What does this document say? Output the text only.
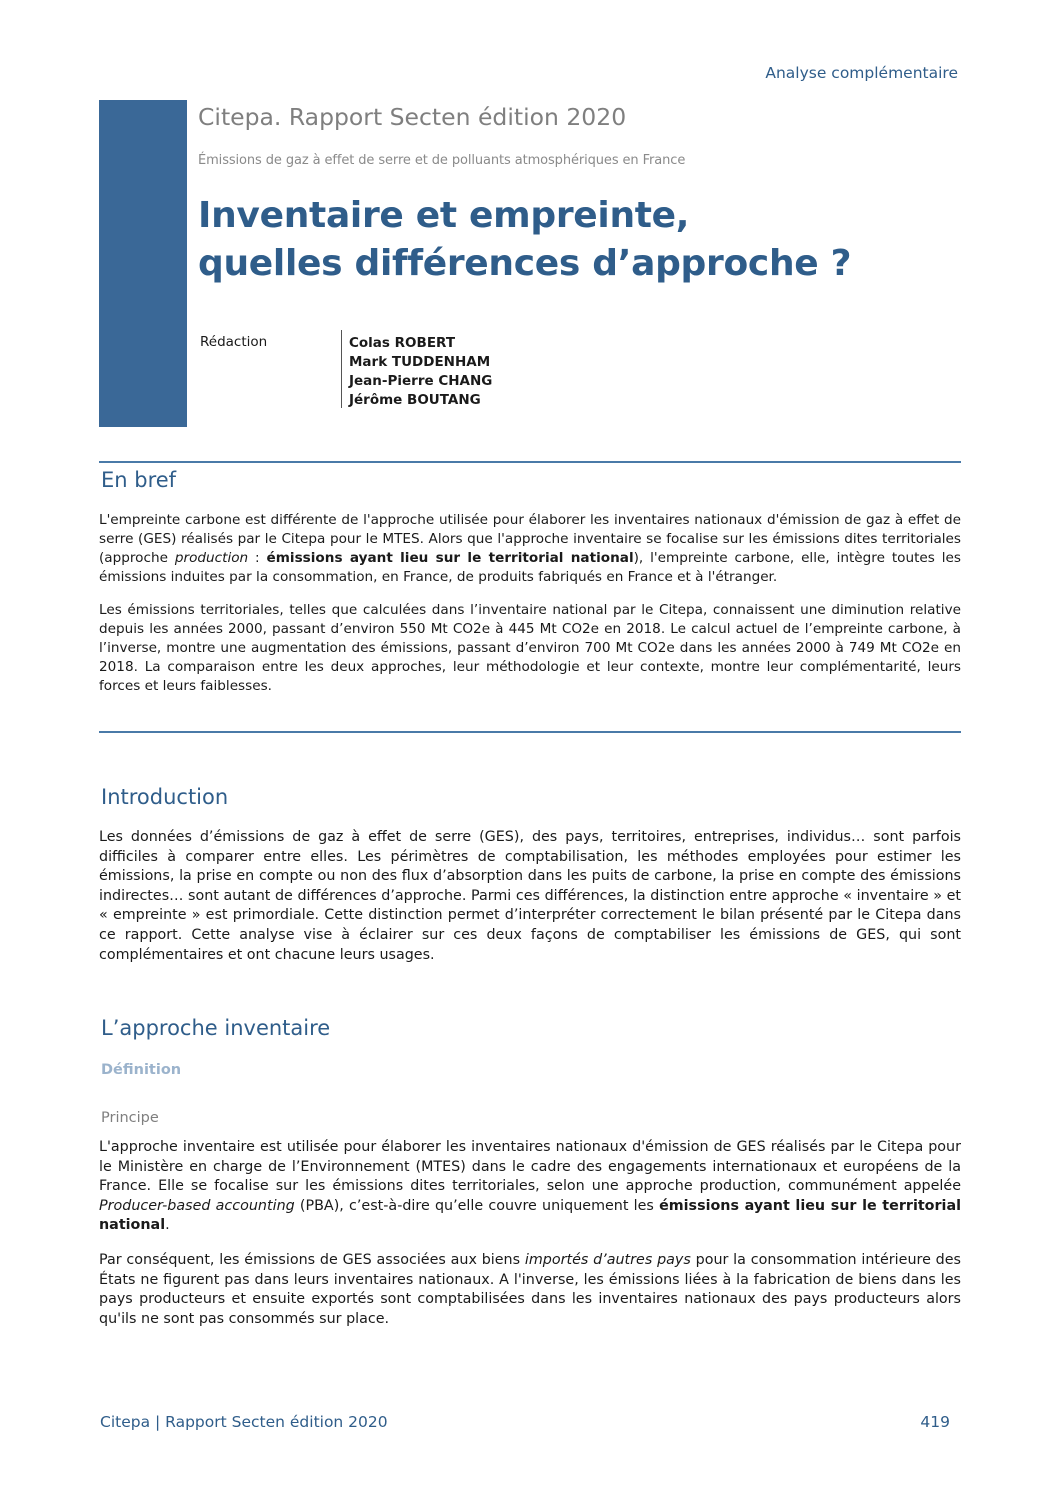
Analyse complémentaire
Citepa. Rapport Secten édition 2020
Émissions de gaz à effet de serre et de polluants atmosphériques en France
Inventaire et empreinte,
quelles différences d’approche ?
Rédaction	Colas ROBERT
Mark TUDDENHAM
Jean-Pierre CHANG
Jérôme BOUTANG
En bref

L'empreinte carbone est différente de l'approche utilisée pour élaborer les inventaires nationaux d'émission de gaz à effet de serre (GES) réalisés par le Citepa pour le MTES. Alors que l'approche inventaire se focalise sur les émissions dites territoriales (approche production : émissions ayant lieu sur le territorial national), l'empreinte carbone, elle, intègre toutes les émissions induites par la consommation, en France, de produits fabriqués en France et à l'étranger.

Les émissions territoriales, telles que calculées dans l’inventaire national par le Citepa, connaissent une diminution relative depuis les années 2000, passant d’environ 550 Mt CO2e à 445 Mt CO2e en 2018. Le calcul actuel de l’empreinte carbone, à l’inverse, montre une augmentation des émissions, passant d’environ 700 Mt CO2e dans les années 2000 à 749 Mt CO2e en 2018. La comparaison entre les deux approches, leur méthodologie et leur contexte, montre leur complémentarité, leurs forces et leurs faiblesses.

Introduction

Les données d’émissions de gaz à effet de serre (GES), des pays, territoires, entreprises, individus… sont parfois difficiles à comparer entre elles. Les périmètres de comptabilisation, les méthodes employées pour estimer les émissions, la prise en compte ou non des flux d’absorption dans les puits de carbone, la prise en compte des émissions indirectes… sont autant de différences d’approche. Parmi ces différences, la distinction entre approche « inventaire » et « empreinte » est primordiale. Cette distinction permet d’interpréter correctement le bilan présenté par le Citepa dans ce rapport. Cette analyse vise à éclairer sur ces deux façons de comptabiliser les émissions de GES, qui sont complémentaires et ont chacune leurs usages.

L’approche inventaire
Définition
Principe

L'approche inventaire est utilisée pour élaborer les inventaires nationaux d'émission de GES réalisés par le Citepa pour le Ministère en charge de l’Environnement (MTES) dans le cadre des engagements internationaux et européens de la France. Elle se focalise sur les émissions dites territoriales, selon une approche production, communément appelée Producer-based accounting (PBA), c’est-à-dire qu’elle couvre uniquement les émissions ayant lieu sur le territorial national.

Par conséquent, les émissions de GES associées aux biens importés d’autres pays pour la consommation intérieure des États ne figurent pas dans leurs inventaires nationaux. A l'inverse, les émissions liées à la fabrication de biens dans les pays producteurs et ensuite exportés sont comptabilisées dans les inventaires nationaux des pays producteurs alors qu'ils ne sont pas consommés sur place.

Citepa | Rapport Secten édition 2020	419
